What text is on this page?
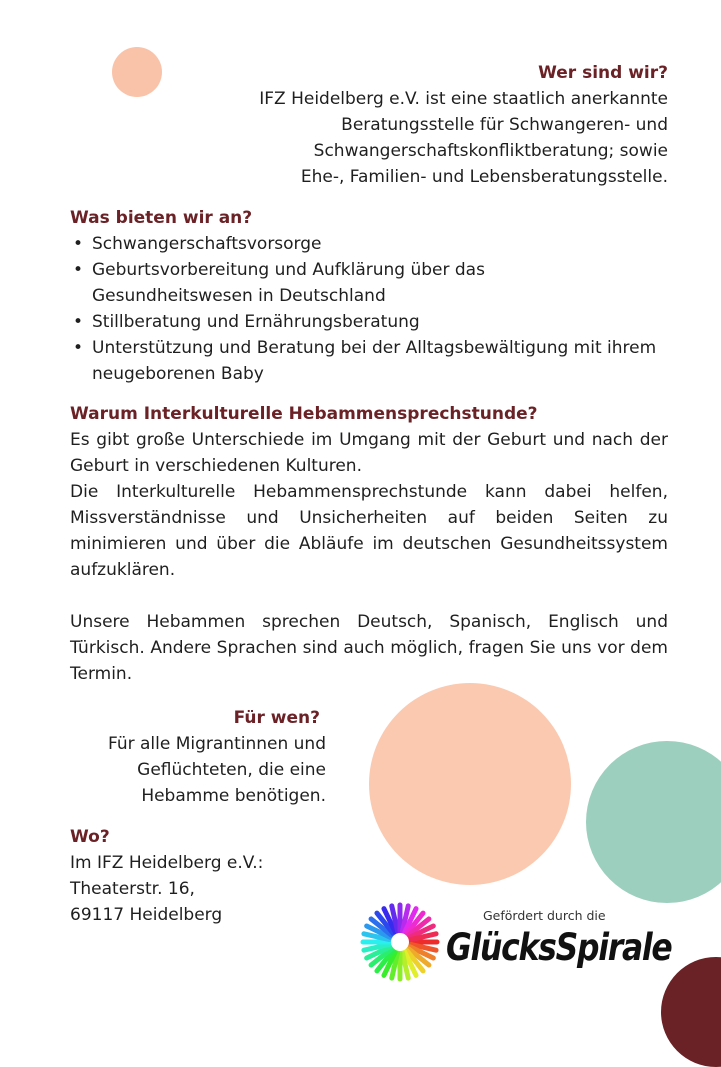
Wer sind wir?

IFZ Heidelberg e.V. ist eine staatlich anerkannte

Beratungsstelle für Schwangeren- und

Schwangerschaftskonfliktberatung; sowie

Ehe-, Familien- und Lebensberatungsstelle.

Was bieten wir an?
• Schwangerschaftsvorsorge
• Geburtsvorbereitung und Aufklärung über das Gesundheitswesen in Deutschland
• Stillberatung und Ernährungsberatung
• Unterstützung und Beratung bei der Alltagsbewältigung mit ihrem neugeborenen Baby
Warum Interkulturelle Hebammensprechstunde?

Es gibt große Unterschiede im Umgang mit der Geburt und nach der Geburt in verschiedenen Kulturen.

Die Interkulturelle Hebammensprechstunde kann dabei helfen, Missverständnisse und Unsicherheiten auf beiden Seiten zu minimieren und über die Abläufe im deutschen Gesundheitssystem aufzuklären.

Unsere Hebammen sprechen Deutsch, Spanisch, Englisch und Türkisch. Andere Sprachen sind auch möglich, fragen Sie uns vor dem Termin.

Für wen?

Für alle Migrantinnen und

Geflüchteten, die eine

Hebamme benötigen.

Wo?

Im IFZ Heidelberg e.V.:

Theaterstr. 16,

69117 Heidelberg	Gefördert durch die
GlücksSpirale
